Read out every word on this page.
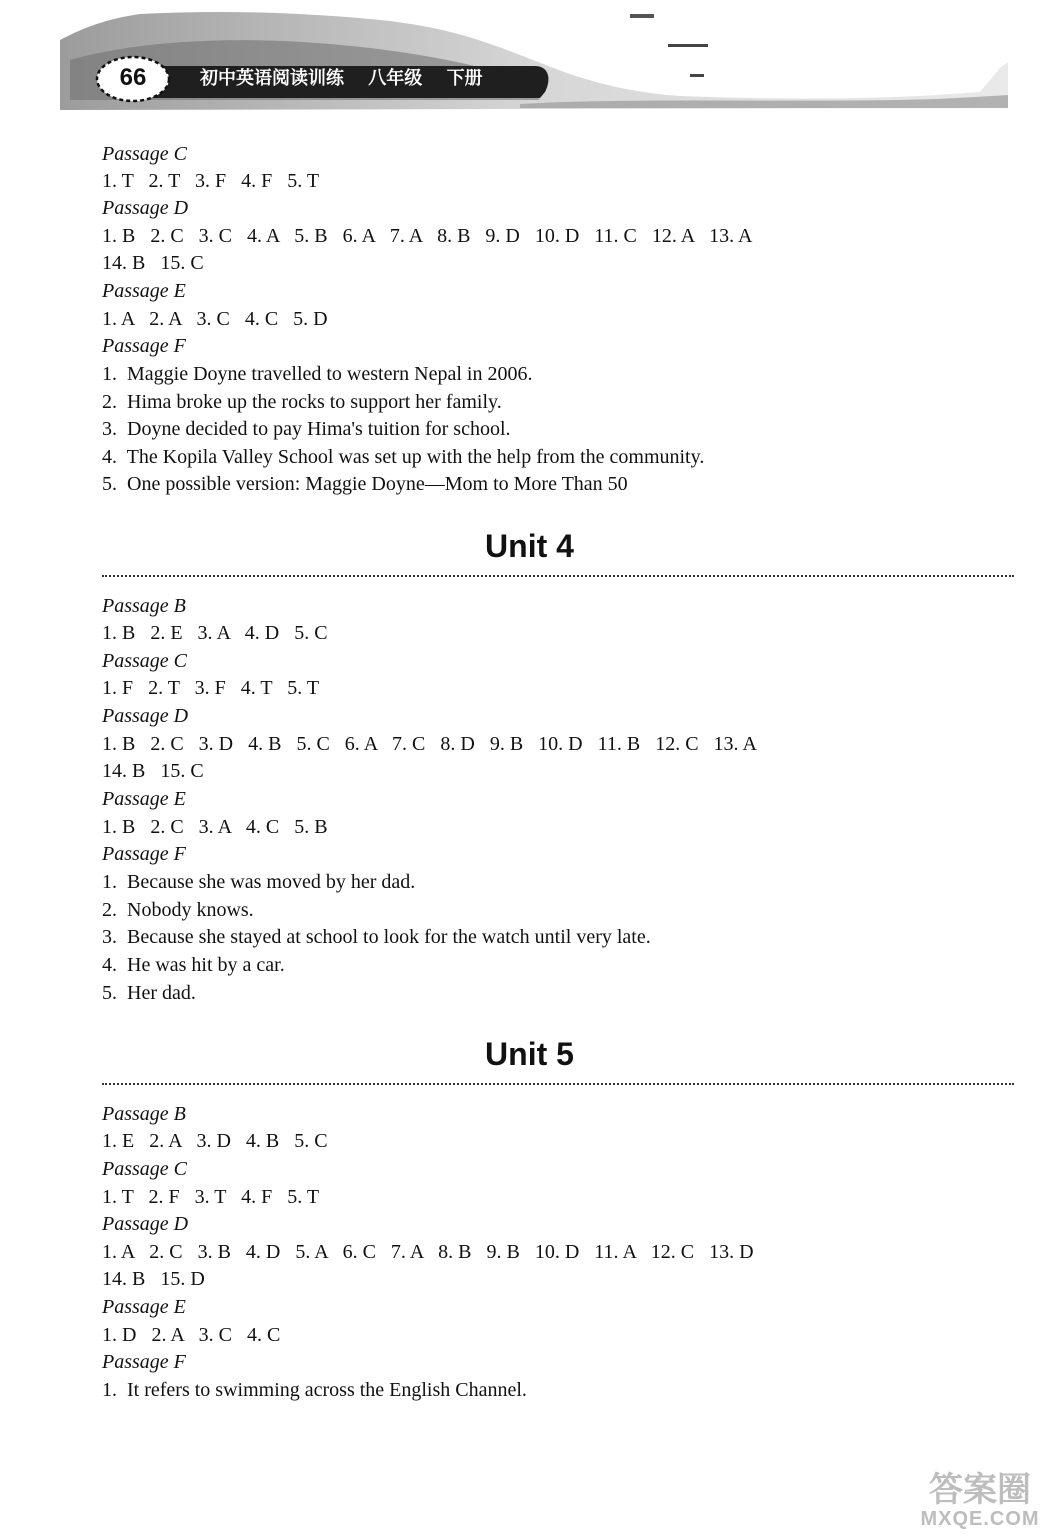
66	初中英语阅读训练 八年级 下册
Passage C
1. T   2. T   3. F   4. F   5. T
Passage D
1. B   2. C   3. C   4. A   5. B   6. A   7. A   8. B   9. D   10. D   11. C   12. A   13. A
14. B   15. C
Passage E
1. A   2. A   3. C   4. C   5. D
Passage F
1.  Maggie Doyne travelled to western Nepal in 2006.
2.  Hima broke up the rocks to support her family.
3.  Doyne decided to pay Hima's tuition for school.
4.  The Kopila Valley School was set up with the help from the community.
5.  One possible version: Maggie Doyne—Mom to More Than 50
Unit 4
Passage B
1. B   2. E   3. A   4. D   5. C
Passage C
1. F   2. T   3. F   4. T   5. T
Passage D
1. B   2. C   3. D   4. B   5. C   6. A   7. C   8. D   9. B   10. D   11. B   12. C   13. A
14. B   15. C
Passage E
1. B   2. C   3. A   4. C   5. B
Passage F
1.  Because she was moved by her dad.
2.  Nobody knows.
3.  Because she stayed at school to look for the watch until very late.
4.  He was hit by a car.
5.  Her dad.
Unit 5
Passage B
1. E   2. A   3. D   4. B   5. C
Passage C
1. T   2. F   3. T   4. F   5. T
Passage D
1. A   2. C   3. B   4. D   5. A   6. C   7. A   8. B   9. B   10. D   11. A   12. C   13. D
14. B   15. D
Passage E
1. D   2. A   3. C   4. C
Passage F
1.  It refers to swimming across the English Channel.
答案圈
MXQE.COM
